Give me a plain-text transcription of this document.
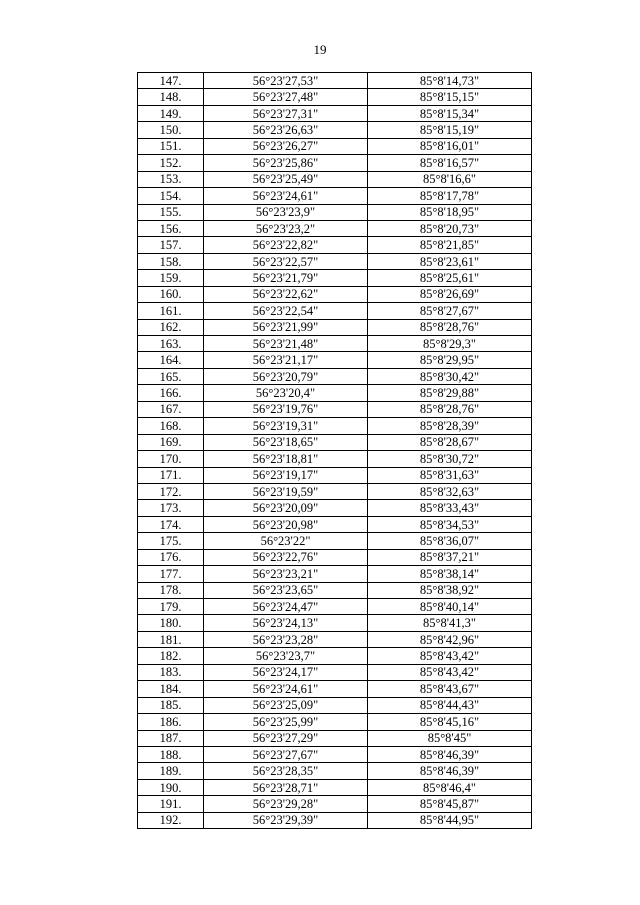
19
147.	56°23'27,53"	85°8'14,73"
148.	56°23'27,48"	85°8'15,15"
149.	56°23'27,31"	85°8'15,34"
150.	56°23'26,63"	85°8'15,19"
151.	56°23'26,27"	85°8'16,01"
152.	56°23'25,86"	85°8'16,57"
153.	56°23'25,49"	85°8'16,6"
154.	56°23'24,61"	85°8'17,78"
155.	56°23'23,9"	85°8'18,95"
156.	56°23'23,2"	85°8'20,73"
157.	56°23'22,82"	85°8'21,85"
158.	56°23'22,57"	85°8'23,61"
159.	56°23'21,79"	85°8'25,61"
160.	56°23'22,62"	85°8'26,69"
161.	56°23'22,54"	85°8'27,67"
162.	56°23'21,99"	85°8'28,76"
163.	56°23'21,48"	85°8'29,3"
164.	56°23'21,17"	85°8'29,95"
165.	56°23'20,79"	85°8'30,42"
166.	56°23'20,4"	85°8'29,88"
167.	56°23'19,76"	85°8'28,76"
168.	56°23'19,31"	85°8'28,39"
169.	56°23'18,65"	85°8'28,67"
170.	56°23'18,81"	85°8'30,72"
171.	56°23'19,17"	85°8'31,63"
172.	56°23'19,59"	85°8'32,63"
173.	56°23'20,09"	85°8'33,43"
174.	56°23'20,98"	85°8'34,53"
175.	56°23'22"	85°8'36,07"
176.	56°23'22,76"	85°8'37,21"
177.	56°23'23,21"	85°8'38,14"
178.	56°23'23,65"	85°8'38,92"
179.	56°23'24,47"	85°8'40,14"
180.	56°23'24,13"	85°8'41,3"
181.	56°23'23,28"	85°8'42,96"
182.	56°23'23,7"	85°8'43,42"
183.	56°23'24,17"	85°8'43,42"
184.	56°23'24,61"	85°8'43,67"
185.	56°23'25,09"	85°8'44,43"
186.	56°23'25,99"	85°8'45,16"
187.	56°23'27,29"	85°8'45"
188.	56°23'27,67"	85°8'46,39"
189.	56°23'28,35"	85°8'46,39"
190.	56°23'28,71"	85°8'46,4"
191.	56°23'29,28"	85°8'45,87"
192.	56°23'29,39"	85°8'44,95"
